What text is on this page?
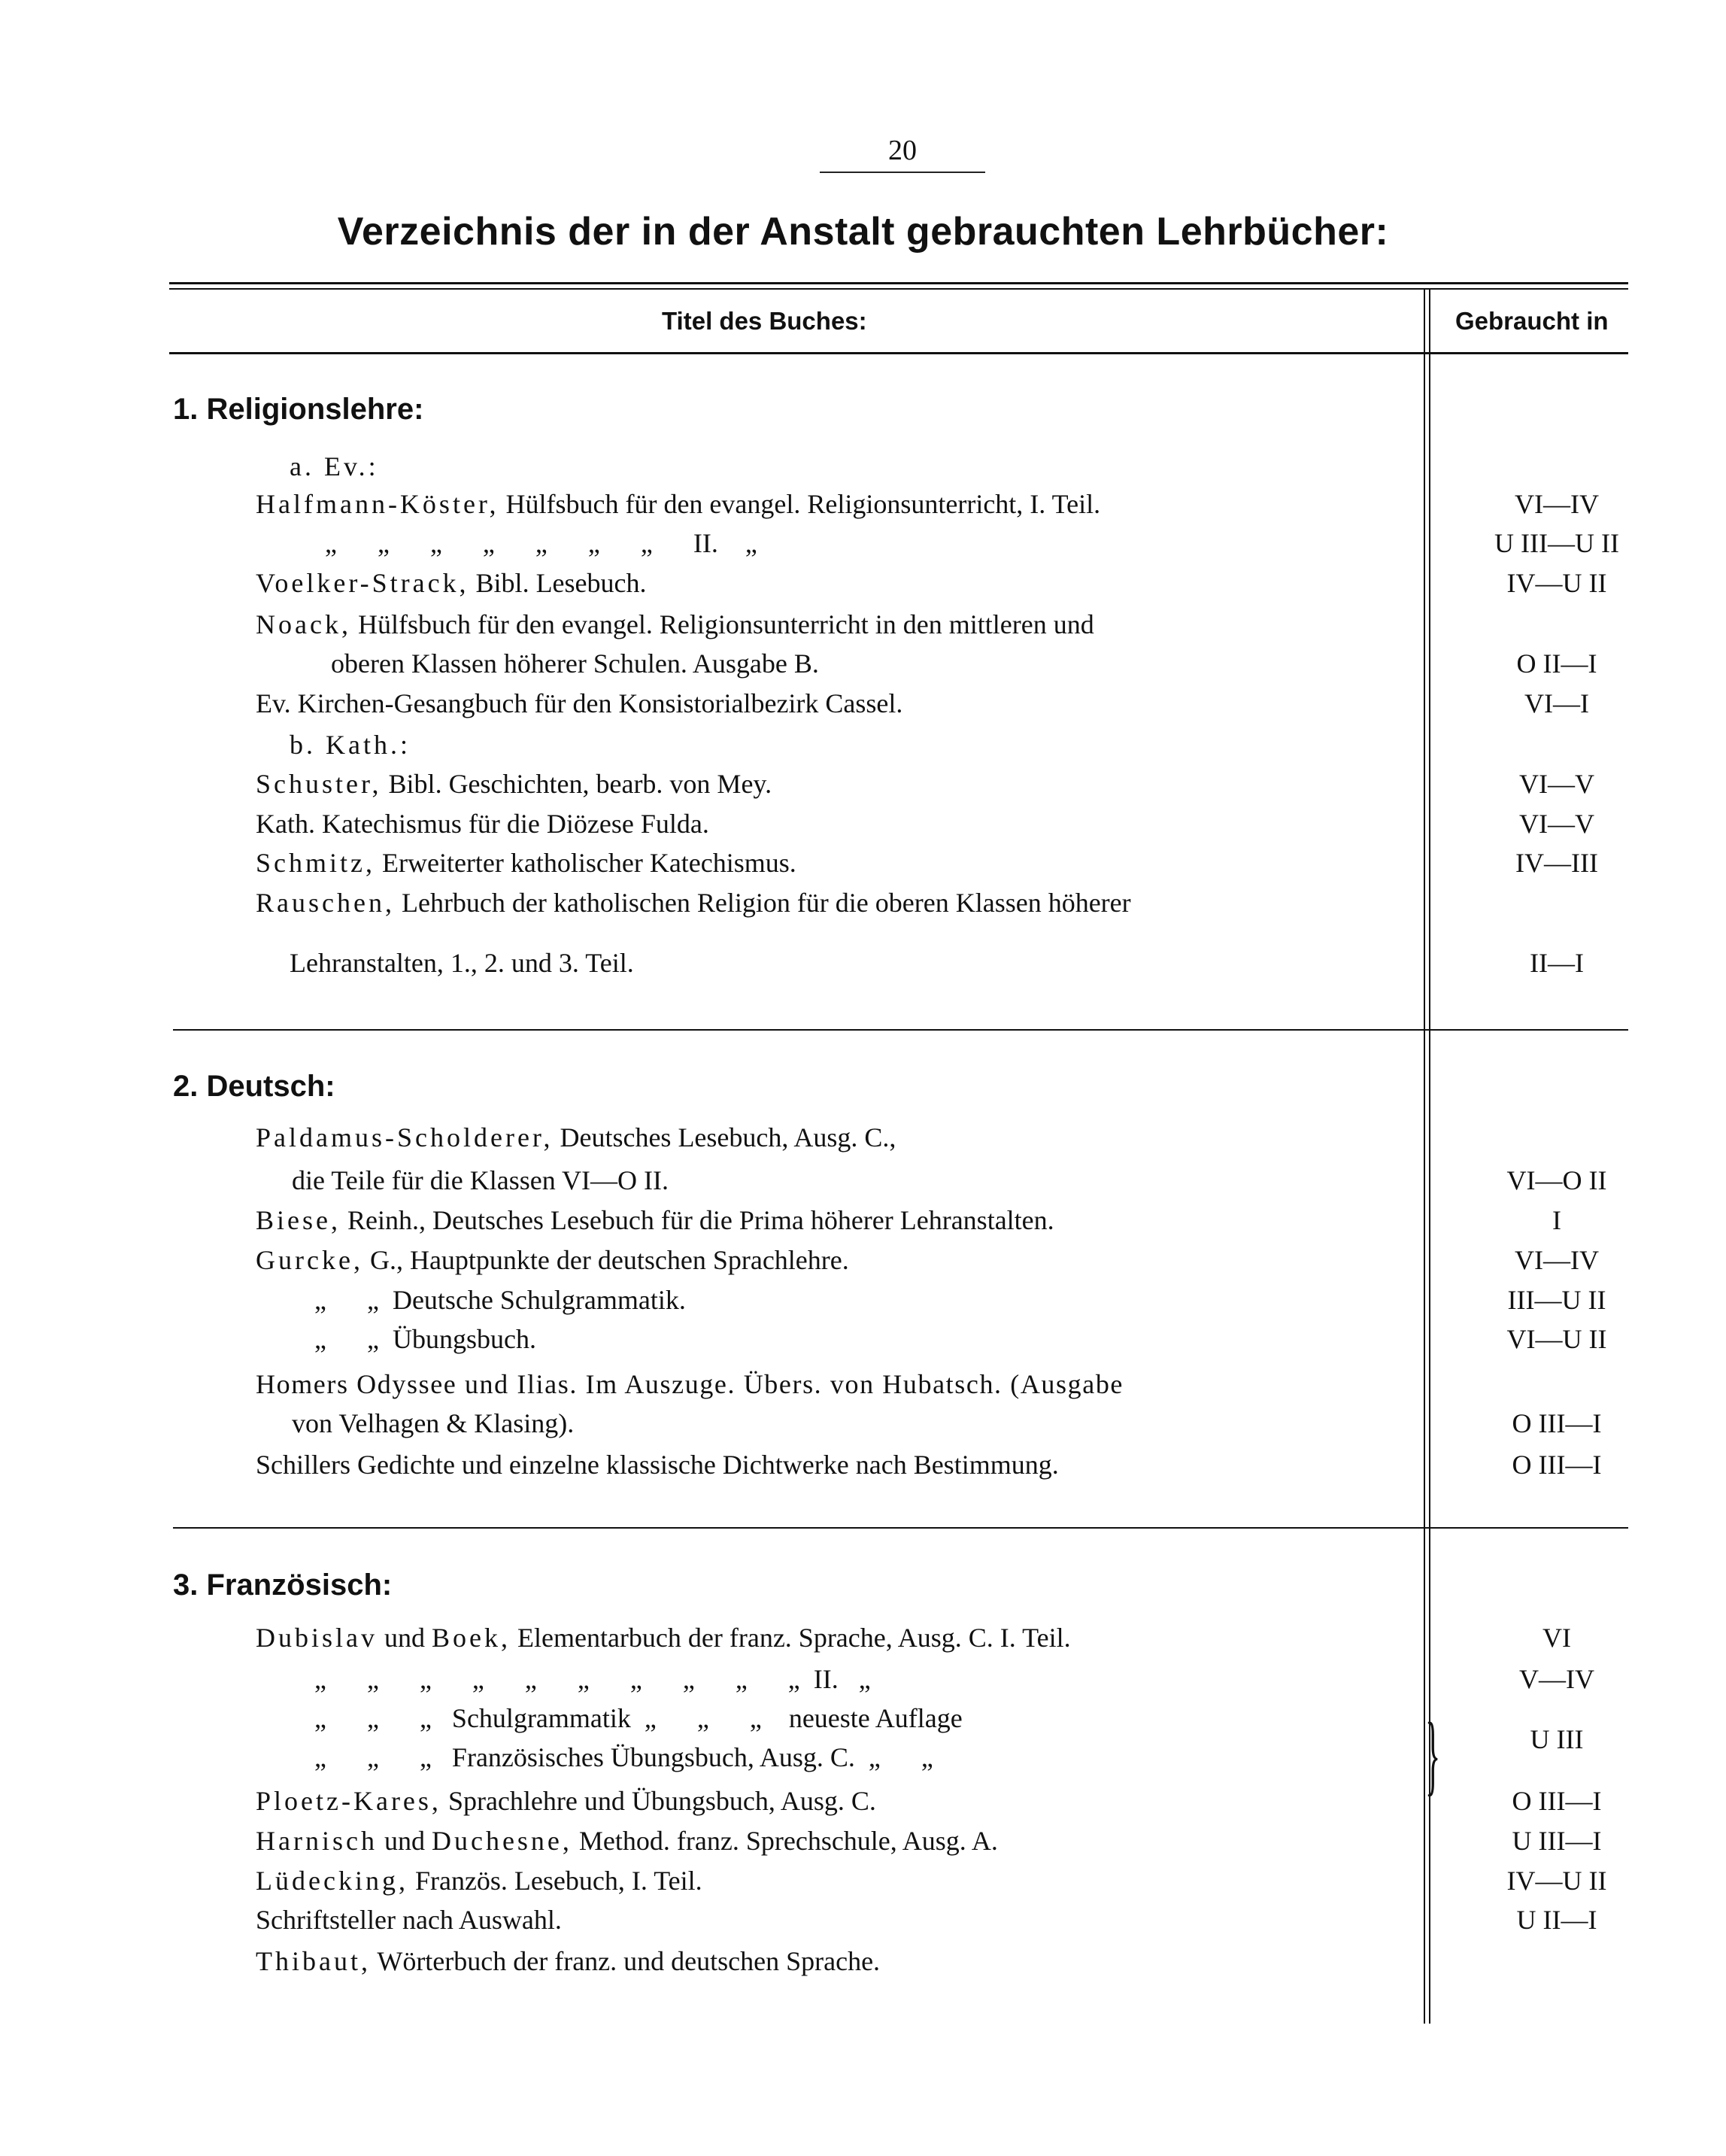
20
Verzeichnis der in der Anstalt gebrauchten Lehrbücher:
Titel des Buches:	Gebraucht in
1. Religionslehre:
a. Ev.:
Halfmann-Köster, Hülfsbuch für den evangel. Religionsunterricht, I. Teil.	VI—IV
„      „      „      „      „      „      „      II.    „	U III—U II
Voelker-Strack, Bibl. Lesebuch.	IV—U II
Noack, Hülfsbuch für den evangel. Religionsunterricht in den mittleren und
oberen Klassen höherer Schulen. Ausgabe B.	O II—I
Ev. Kirchen-Gesangbuch für den Konsistorialbezirk Cassel.	VI—I
b. Kath.:
Schuster, Bibl. Geschichten, bearb. von Mey.	VI—V
Kath. Katechismus für die Diözese Fulda.	VI—V
Schmitz, Erweiterter katholischer Katechismus.	IV—III
Rauschen, Lehrbuch der katholischen Religion für die oberen Klassen höherer
Lehranstalten, 1., 2. und 3. Teil.	II—I
2. Deutsch:
Paldamus-Scholderer, Deutsches Lesebuch, Ausg. C.,
die Teile für die Klassen VI—O II.	VI—O II
Biese, Reinh., Deutsches Lesebuch für die Prima höherer Lehranstalten.	I
Gurcke, G., Hauptpunkte der deutschen Sprachlehre.	VI—IV
„      „  Deutsche Schulgrammatik.	III—U II
„      „  Übungsbuch.	VI—U II
Homers Odyssee und Ilias. Im Auszuge. Übers. von Hubatsch. (Ausgabe
von Velhagen & Klasing).	O III—I
Schillers Gedichte und einzelne klassische Dichtwerke nach Bestimmung.	O III—I
3. Französisch:
Dubislav und Boek, Elementarbuch der franz. Sprache, Ausg. C. I. Teil.	VI
„      „      „      „      „      „      „      „      „      „  II.   „	V—IV
„      „      „   Schulgrammatik  „      „      „    neueste Auflage
„      „      „   Französisches Übungsbuch, Ausg. C.  „      „	}	U III
Ploetz-Kares, Sprachlehre und Übungsbuch, Ausg. C.	O III—I
Harnisch und Duchesne, Method. franz. Sprechschule, Ausg. A.	U III—I
Lüdecking, Französ. Lesebuch, I. Teil.	IV—U II
Schriftsteller nach Auswahl.	U II—I
Thibaut, Wörterbuch der franz. und deutschen Sprache.
